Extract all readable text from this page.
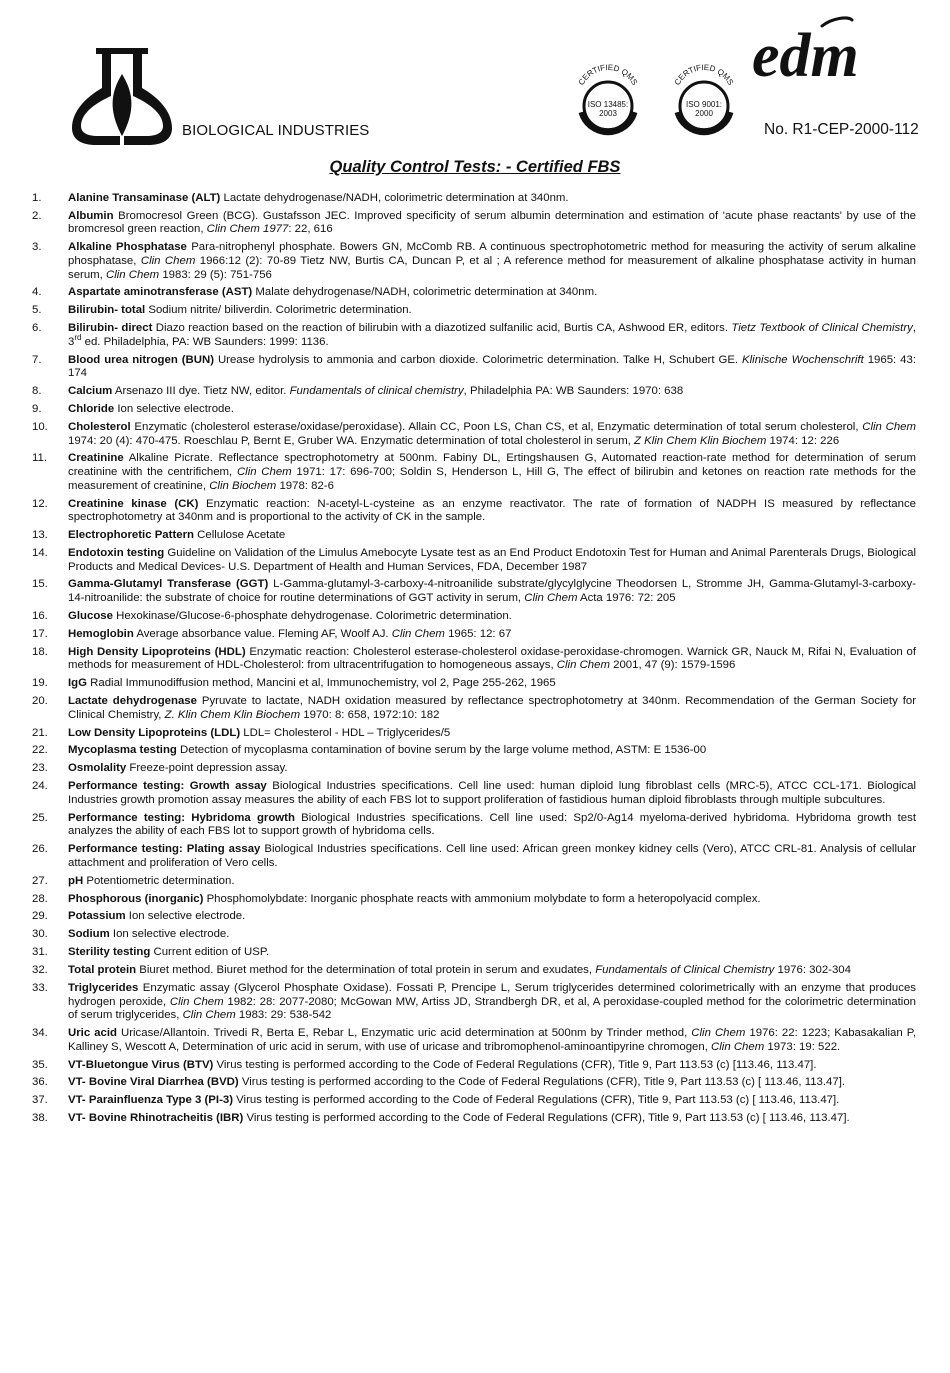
BIOLOGICAL INDUSTRIES
CERTIFIED QMS
ISO 13485:
2003
CERTIFIED QMS
ISO 9001:
2000
edm
No. R1-CEP-2000-112
Quality Control Tests: - Certified FBS
1. Alanine Transaminase (ALT) Lactate dehydrogenase/NADH, colorimetric determination at 340nm.
2. Albumin Bromocresol Green (BCG). Gustafsson JEC. Improved specificity of serum albumin determination and estimation of 'acute phase reactants' by use of the bromcresol green reaction, Clin Chem 1977: 22, 616
3. Alkaline Phosphatase Para-nitrophenyl phosphate. Bowers GN, McComb RB. A continuous spectrophotometric method for measuring the activity of serum alkaline phosphatase, Clin Chem 1966:12 (2): 70-89 Tietz NW, Burtis CA, Duncan P, et al ; A reference method for measurement of alkaline phosphatase activity in human serum, Clin Chem 1983: 29 (5): 751-756
4. Aspartate aminotransferase (AST) Malate dehydrogenase/NADH, colorimetric determination at 340nm.
5. Bilirubin- total Sodium nitrite/ biliverdin. Colorimetric determination.
6. Bilirubin- direct Diazo reaction based on the reaction of bilirubin with a diazotized sulfanilic acid, Burtis CA, Ashwood ER, editors. Tietz Textbook of Clinical Chemistry, 3rd ed. Philadelphia, PA: WB Saunders: 1999: 1136.
7. Blood urea nitrogen (BUN) Urease hydrolysis to ammonia and carbon dioxide. Colorimetric determination. Talke H, Schubert GE. Klinische Wochenschrift 1965: 43: 174
8. Calcium Arsenazo III dye. Tietz NW, editor. Fundamentals of clinical chemistry, Philadelphia PA: WB Saunders: 1970: 638
9. Chloride Ion selective electrode.
10. Cholesterol Enzymatic (cholesterol esterase/oxidase/peroxidase). Allain CC, Poon LS, Chan CS, et al, Enzymatic determination of total serum cholesterol, Clin Chem 1974: 20 (4): 470-475. Roeschlau P, Bernt E, Gruber WA. Enzymatic determination of total cholesterol in serum, Z Klin Chem Klin Biochem 1974: 12: 226
11. Creatinine Alkaline Picrate. Reflectance spectrophotometry at 500nm. Fabiny DL, Ertingshausen G, Automated reaction-rate method for determination of serum creatinine with the centrifichem, Clin Chem 1971: 17: 696-700; Soldin S, Henderson L, Hill G, The effect of bilirubin and ketones on reaction rate methods for the measurement of creatinine, Clin Biochem 1978: 82-6
12. Creatinine kinase (CK) Enzymatic reaction: N-acetyl-L-cysteine as an enzyme reactivator. The rate of formation of NADPH IS measured by reflectance spectrophotometry at 340nm and is proportional to the activity of CK in the sample.
13. Electrophoretic Pattern Cellulose Acetate
14. Endotoxin testing Guideline on Validation of the Limulus Amebocyte Lysate test as an End Product Endotoxin Test for Human and Animal Parenterals Drugs, Biological Products and Medical Devices- U.S. Department of Health and Human Services, FDA, December 1987
15. Gamma-Glutamyl Transferase (GGT) L-Gamma-glutamyl-3-carboxy-4-nitroanilide substrate/glycylglycine Theodorsen L, Stromme JH, Gamma-Glutamyl-3-carboxy-14-nitroanilide: the substrate of choice for routine determinations of GGT activity in serum, Clin Chem Acta 1976: 72: 205
16. Glucose Hexokinase/Glucose-6-phosphate dehydrogenase. Colorimetric determination.
17. Hemoglobin Average absorbance value. Fleming AF, Woolf AJ. Clin Chem 1965: 12: 67
18. High Density Lipoproteins (HDL) Enzymatic reaction: Cholesterol esterase-cholesterol oxidase-peroxidase-chromogen. Warnick GR, Nauck M, Rifai N, Evaluation of methods for measurement of HDL-Cholesterol: from ultracentrifugation to homogeneous assays, Clin Chem 2001, 47 (9): 1579-1596
19. IgG Radial Immunodiffusion method, Mancini et al, Immunochemistry, vol 2, Page 255-262, 1965
20. Lactate dehydrogenase Pyruvate to lactate, NADH oxidation measured by reflectance spectrophotometry at 340nm. Recommendation of the German Society for Clinical Chemistry, Z. Klin Chem Klin Biochem 1970: 8: 658, 1972:10: 182
21. Low Density Lipoproteins (LDL) LDL= Cholesterol - HDL – Triglycerides/5
22. Mycoplasma testing Detection of mycoplasma contamination of bovine serum by the large volume method, ASTM: E 1536-00
23. Osmolality Freeze-point depression assay.
24. Performance testing: Growth assay Biological Industries specifications. Cell line used: human diploid lung fibroblast cells (MRC-5), ATCC CCL-171. Biological Industries growth promotion assay measures the ability of each FBS lot to support proliferation of fastidious human diploid fibroblasts through multiple subcultures.
25. Performance testing: Hybridoma growth Biological Industries specifications. Cell line used: Sp2/0-Ag14 myeloma-derived hybridoma. Hybridoma growth test analyzes the ability of each FBS lot to support growth of hybridoma cells.
26. Performance testing: Plating assay Biological Industries specifications. Cell line used: African green monkey kidney cells (Vero), ATCC CRL-81. Analysis of cellular attachment and proliferation of Vero cells.
27. pH Potentiometric determination.
28. Phosphorous (inorganic) Phosphomolybdate: Inorganic phosphate reacts with ammonium molybdate to form a heteropolyacid complex.
29. Potassium Ion selective electrode.
30. Sodium Ion selective electrode.
31. Sterility testing Current edition of USP.
32. Total protein Biuret method. Biuret method for the determination of total protein in serum and exudates, Fundamentals of Clinical Chemistry 1976: 302-304
33. Triglycerides Enzymatic assay (Glycerol Phosphate Oxidase). Fossati P, Prencipe L, Serum triglycerides determined colorimetrically with an enzyme that produces hydrogen peroxide, Clin Chem 1982: 28: 2077-2080; McGowan MW, Artiss JD, Strandbergh DR, et al, A peroxidase-coupled method for the colorimetric determination of serum triglycerides, Clin Chem 1983: 29: 538-542
34. Uric acid Uricase/Allantoin. Trivedi R, Berta E, Rebar L, Enzymatic uric acid determination at 500nm by Trinder method, Clin Chem 1976: 22: 1223; Kabasakalian P, Kalliney S, Wescott A, Determination of uric acid in serum, with use of uricase and tribromophenol-aminoantipyrine chromogen, Clin Chem 1973: 19: 522.
35. VT-Bluetongue Virus (BTV) Virus testing is performed according to the Code of Federal Regulations (CFR), Title 9, Part 113.53 (c) [113.46, 113.47].
36. VT- Bovine Viral Diarrhea (BVD) Virus testing is performed according to the Code of Federal Regulations (CFR), Title 9, Part 113.53 (c) [ 113.46, 113.47].
37. VT- Parainfluenza Type 3 (PI-3) Virus testing is performed according to the Code of Federal Regulations (CFR), Title 9, Part 113.53 (c) [ 113.46, 113.47].
38. VT- Bovine Rhinotracheitis (IBR) Virus testing is performed according to the Code of Federal Regulations (CFR), Title 9, Part 113.53 (c) [ 113.46, 113.47].
